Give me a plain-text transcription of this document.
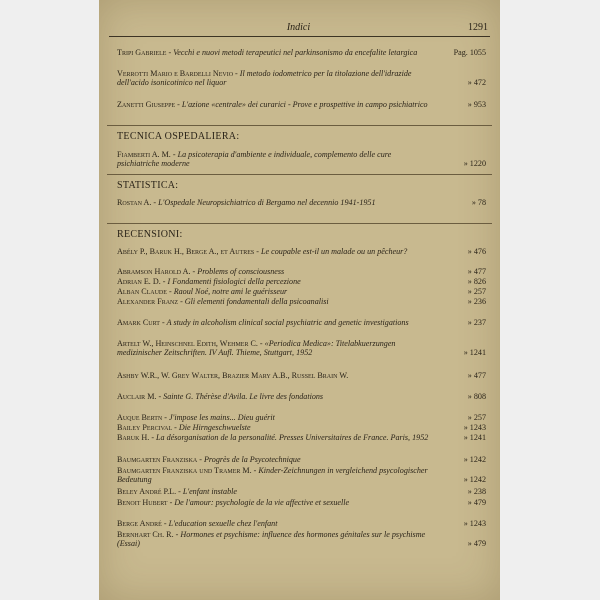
Indici	1291
Tripi Gabriele - Vecchi e nuovi metodi terapeutici nel parkinsonismo da encefalite letargica	Pag. 1055
Verrotti Mario e Bardelli Nevio - Il metodo iodometrico per la titolazione dell'idrazide dell'acido isonicotinico nel liquor	» 472
Zanetti Giuseppe - L'azione «centrale» dei curarici - Prove e prospettive in campo psichiatrico	» 953
TECNICA OSPEDALIERA:
Fiamberti A. M. - La psicoterapia d'ambiente e individuale, complemento delle cure psichiatriche moderne	» 1220
STATISTICA:
Rostan A. - L'Ospedale Neuropsichiatrico di Bergamo nel decennio 1941-1951	» 78
RECENSIONI:
Abély P., Baruk H., Berge A., et Autres - Le coupable est-il un malade ou un pêcheur?	» 476
Abramson Harold A. - Problems of consciousness	» 477
Adrian E. D. - I Fondamenti fisiologici della percezione	» 826
Alban Claude - Raoul Noé, notre ami le guérisseur	» 257
Alexander Franz - Gli elementi fondamentali della psicoanalisi	» 236
Amark Curt - A study in alcoholism clinical social psychiatric and genetic investigations	» 237
Artelt W., Heinschnel Edith, Wehmer C. - «Periodica Medica»: Titelabkuerzungen medizinischer Zeitschriften. IV Aufl. Thieme, Stuttgart, 1952	» 1241
Ashby W.R., W. Grey Walter, Brazier Mary A.B., Russel Brain W.	» 477
Auclair M. - Sainte G. Thérèse d'Avila. Le livre des fondations	» 808
Auque Bertn - J'impose les mains... Dieu guérit	» 257
Bailey Percival - Die Hirngeschwuelste	» 1243
Baruk H. - La désorganisation de la personalité. Presses Universitaires de France. Paris, 1952	» 1241
Baumgarten Franziska - Progrès de la Psycotechnique	» 1242
Baumgarten Franziska und Tramer M. - Kinder-Zeichnungen in vergleichend psycologischer Bedeutung	» 1242
Beley André P.L. - L'enfant instable	» 238
Benoit Hubert - De l'amour: psychologie de la vie affective et sexuelle	» 479
Berge André - L'education sexuelle chez l'enfant	» 1243
Bernhart Ch. R. - Hormones et psychisme: influence des hormones génitales sur le psychisme (Essai)	» 479
